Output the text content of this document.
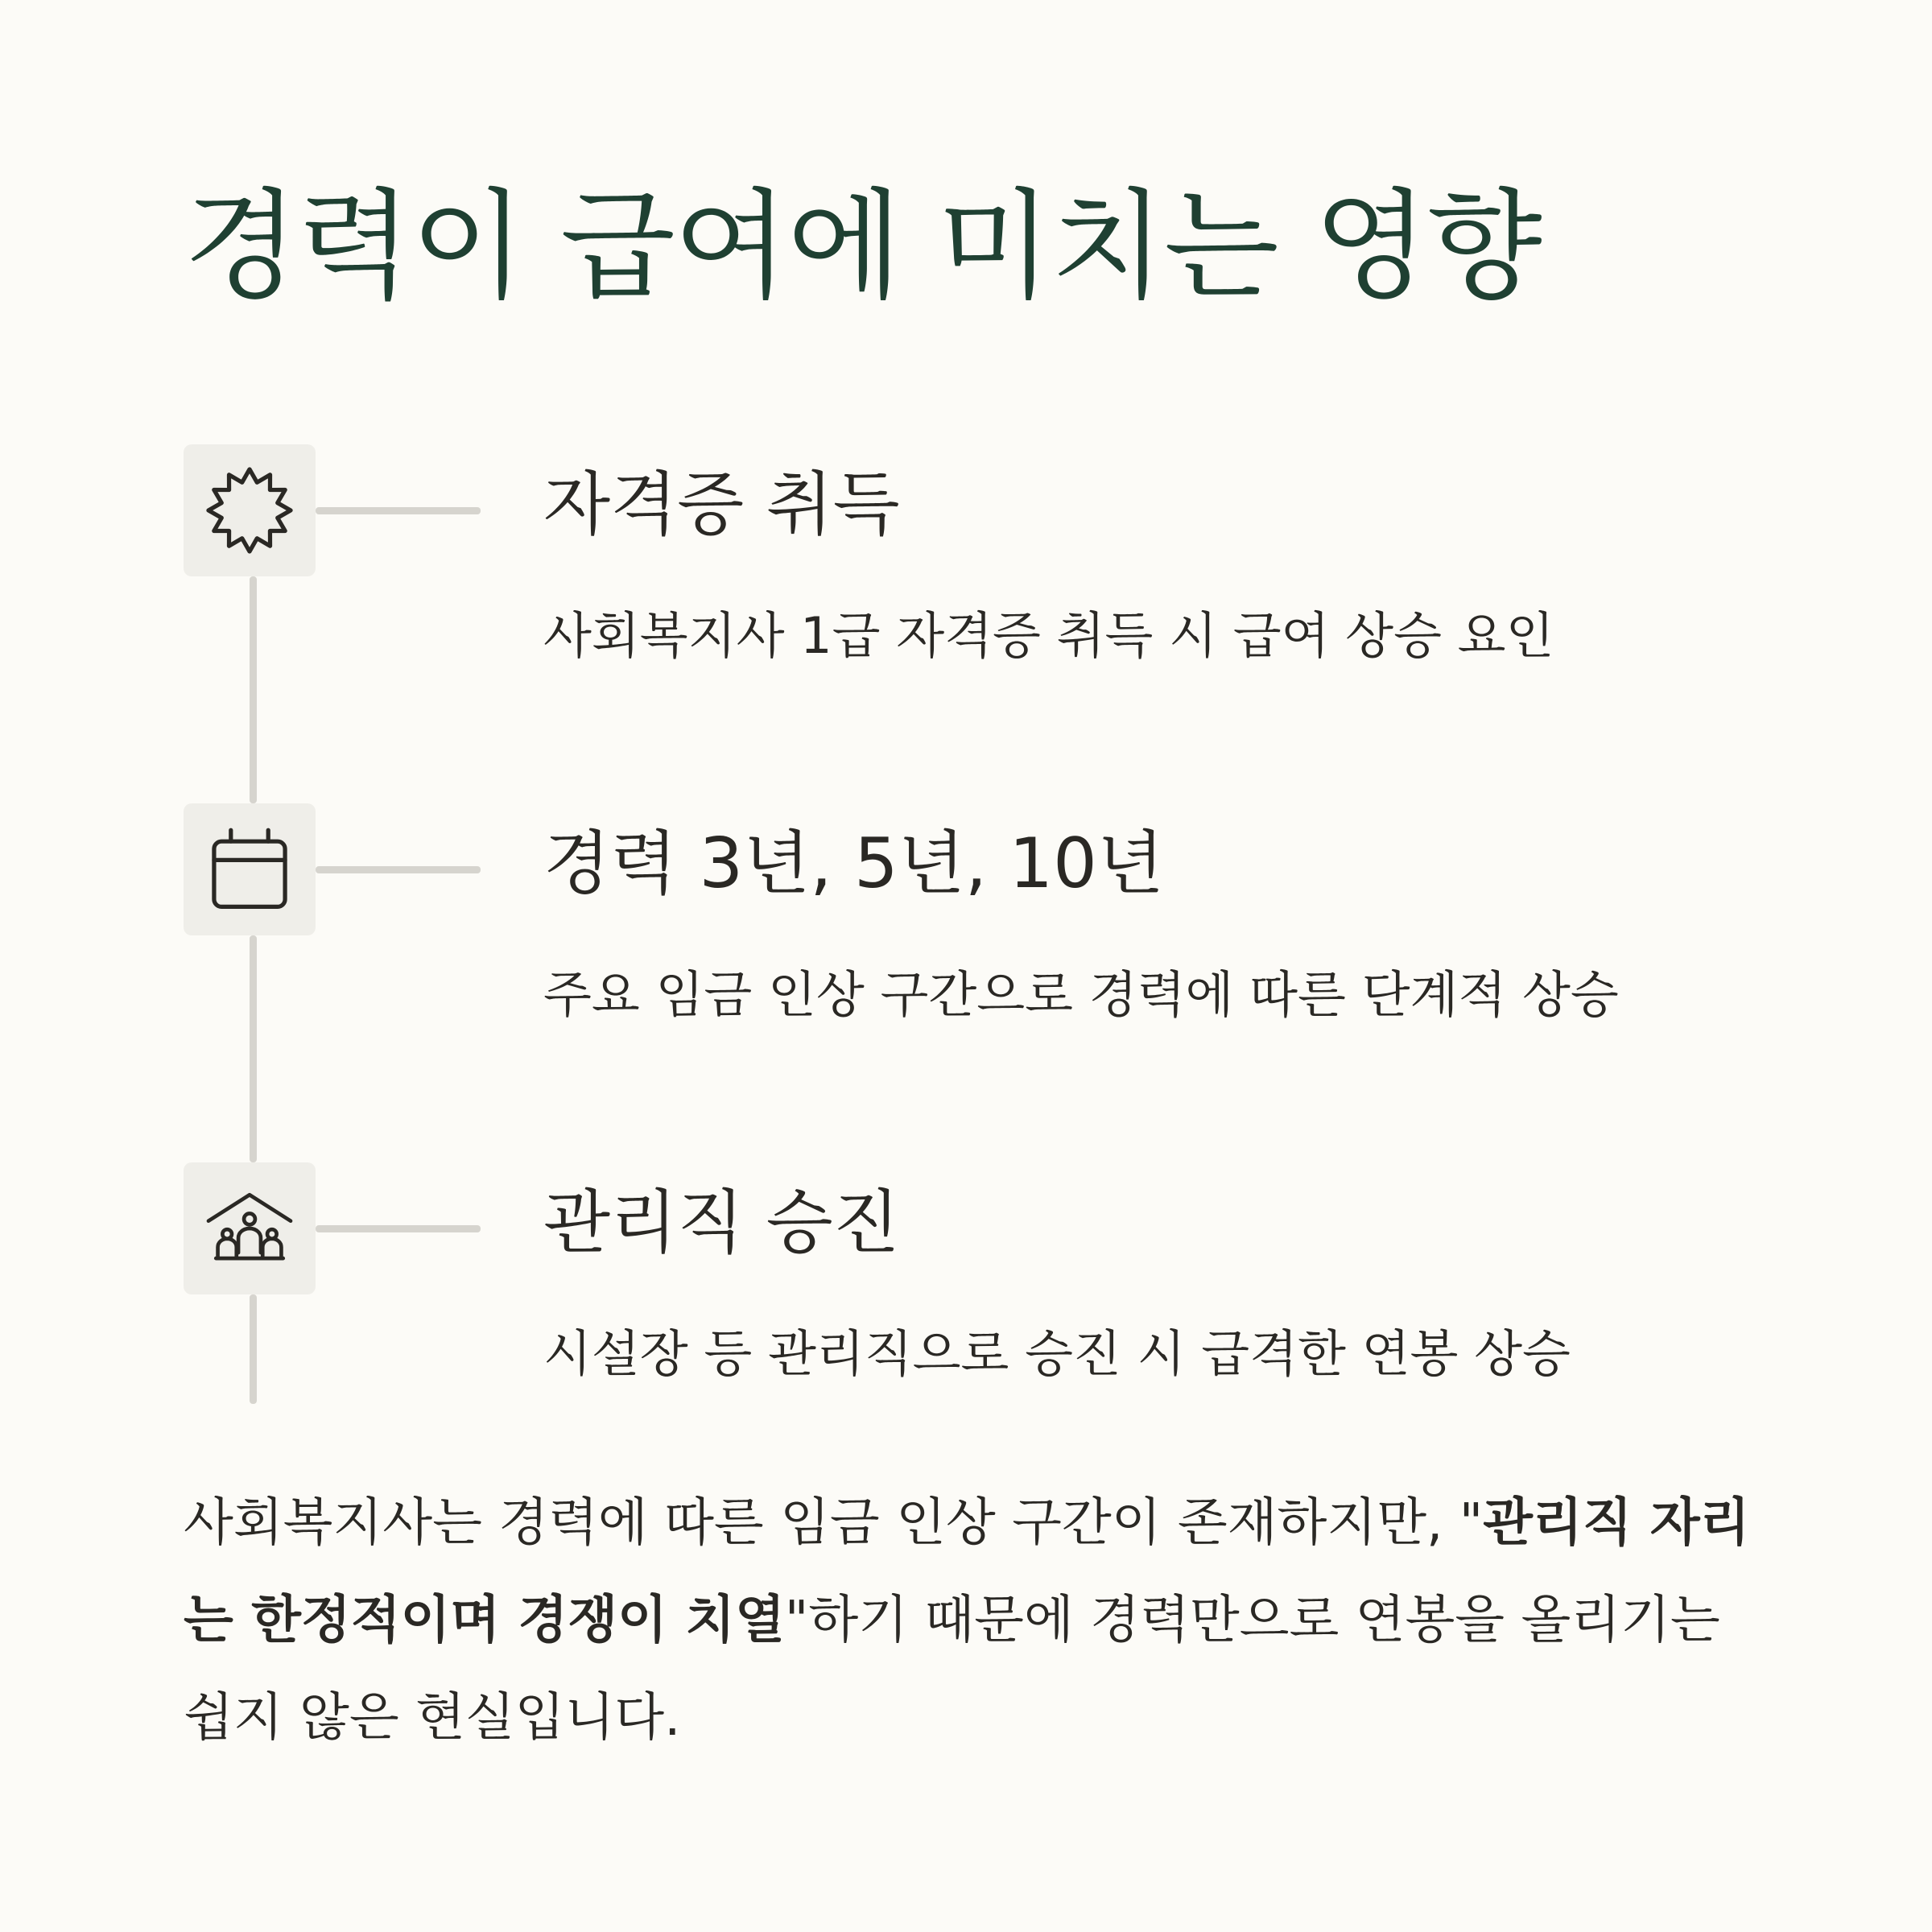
경력이 급여에 미치는 영향
자격증 취득

사회복지사 1급 자격증 취득 시 급여 상승 요인

경력 3년, 5년, 10년

주요 임금 인상 구간으로 경력에 따른 단계적 상승

관리직 승진

시설장 등 관리직으로 승진 시 급격한 연봉 상승

사회복지사는 경력에 따른 임금 인상 구간이 존재하지만, "관리직 자리는 한정적이며 경쟁이 치열"하기 때문에 경력만으로 연봉을 올리기는 쉽지 않은 현실입니다.
